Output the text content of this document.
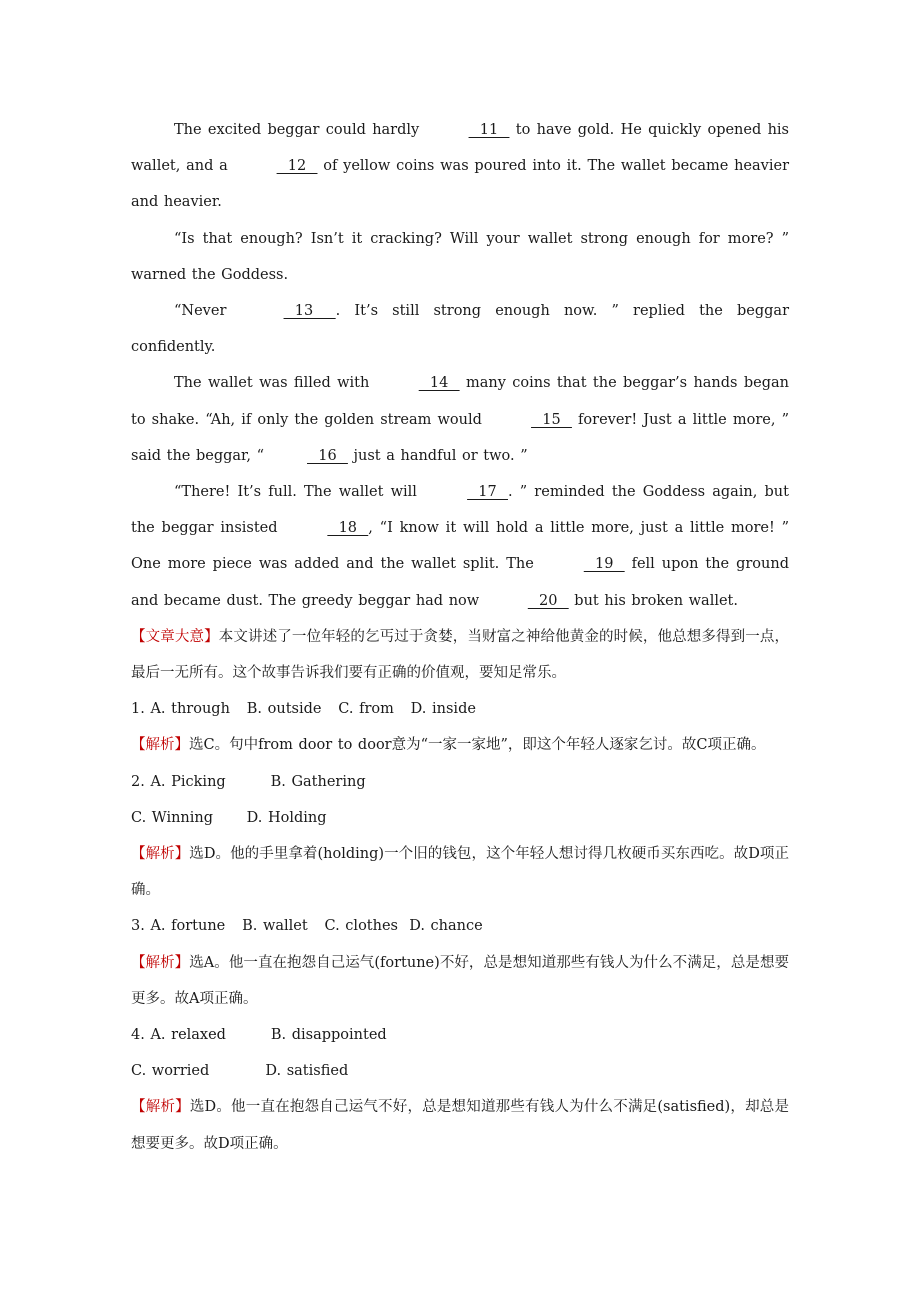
The excited beggar could hardly	11   to have gold. He quickly opened his wallet, and a	12   of yellow coins was poured into it. The wallet became heavier and heavier.

“Is that enough? Isn’t it cracking? Will your wallet strong enough for more? ” warned the Goddess.

“Never	13    . It’s still strong enough now. ” replied the beggar confidently.

The wallet was filled with	14   many coins that the beggar’s hands began to shake. “Ah, if only the golden stream would	15   forever! Just a little more, ” said the beggar, “	16   just a handful or two. ”

“There! It’s full. The wallet will	17  . ” reminded the Goddess again, but the beggar insisted	18  , “I know it will hold a little more, just a little more! ” One more piece was added and the wallet split. The	19   fell upon the ground and became dust. The greedy beggar had now	20   but his broken wallet.

【文章大意】本文讲述了一位年轻的乞丐过于贪婪，当财富之神给他黄金的时候，他总想多得到一点，最后一无所有。这个故事告诉我们要有正确的价值观，要知足常乐。

1. A. through   B. outside   C. from   D. inside

【解析】选C。句中from door to door意为“一家一家地”，即这个年轻人逐家乞讨。故C项正确。

2. A. Picking        B. Gathering

C. Winning      D. Holding

【解析】选D。他的手里拿着(holding)一个旧的钱包，这个年轻人想讨得几枚硬币买东西吃。故D项正确。

3. A. fortune   B. wallet   C. clothes  D. chance

【解析】选A。他一直在抱怨自己运气(fortune)不好，总是想知道那些有钱人为什么不满足，总是想要更多。故A项正确。

4. A. relaxed        B. disappointed

C. worried          D. satisfied

【解析】选D。他一直在抱怨自己运气不好，总是想知道那些有钱人为什么不满足(satisfied)，却总是想要更多。故D项正确。
